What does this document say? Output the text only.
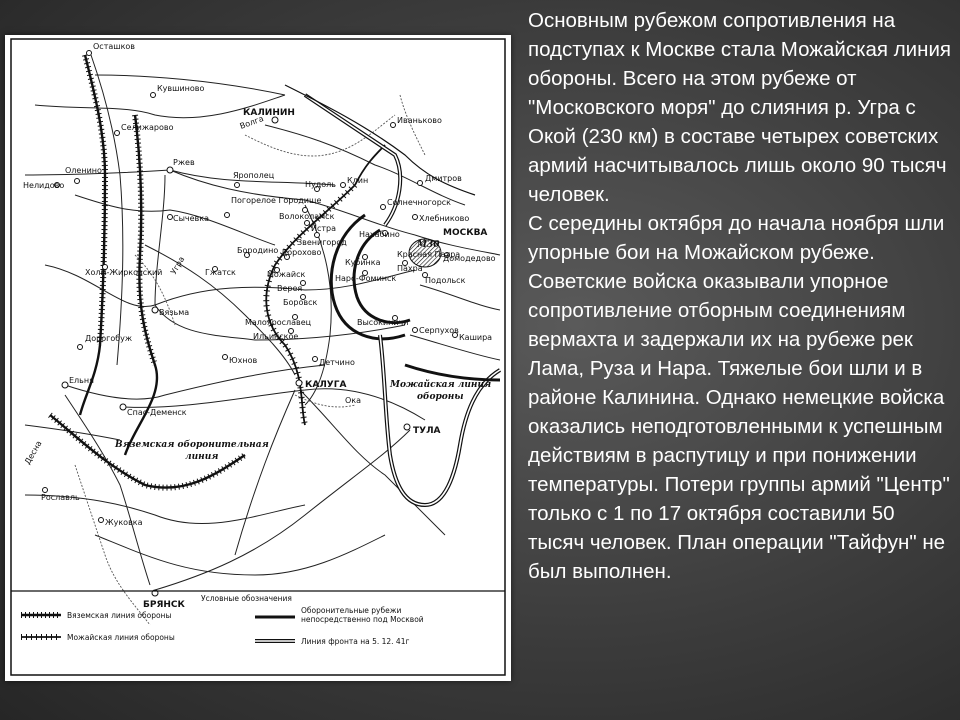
Осташков
Кувшиново
КАЛИНИН
Селижарово
Оленино
Нелидово
Ржев
Ярополец
Погорелое Городище
Нудоль Клин
Иваньково
Дмитров
Солнечногорск
Хлебниково
Волоколамск
Истра
Звенигород
Нахабино	МОСКВА
Сычевка
Бородино Дорохово
Можайск
Гжатск
Кубинка
Пахра
Красная Пахра
Домодедово
Наро-Фоминск	Подольск
Верея
Боровск
Холм-Жирковский
Вязьма
Малоярославец
Ильинское
Высокиничи
Серпухов
Кашира
Дорогобуж
Юхнов	Детчино
Ельня
Спас-Деменск
КАЛУГА
ТУЛА
Рославль
Жуковка
БРЯНСК
Волга
Ока
Десна
Угра
Вяземская оборонительная
линия
Можайская линия
обороны
М30
Условные обозначения
Вяземская линия обороны
Можайская линия обороны
Оборонительные рубежи
непосредственно под Москвой
Линия фронта на 5. 12. 41г

Основным рубежом сопротивления на подступах к Москве стала Можайская линия обороны. Всего на этом рубеже от "Московского моря" до слияния р. Угра с Окой (230 км) в составе четырех советских армий насчитывалось лишь около 90 тысяч человек.

С середины октября до начала ноября шли упорные бои на Можайском рубеже. Советские войска оказывали упорное сопротивление отборным соединениям вермахта и задержали их на рубеже рек Лама, Руза и Нара. Тяжелые бои шли и в районе Калинина. Однако немецкие войска оказались неподготовленными к успешным действиям в распутицу и при понижении температуры. Потери группы армий "Центр" только с 1 по 17 октября составили 50 тысяч человек. План операции "Тайфун" не был выполнен.
